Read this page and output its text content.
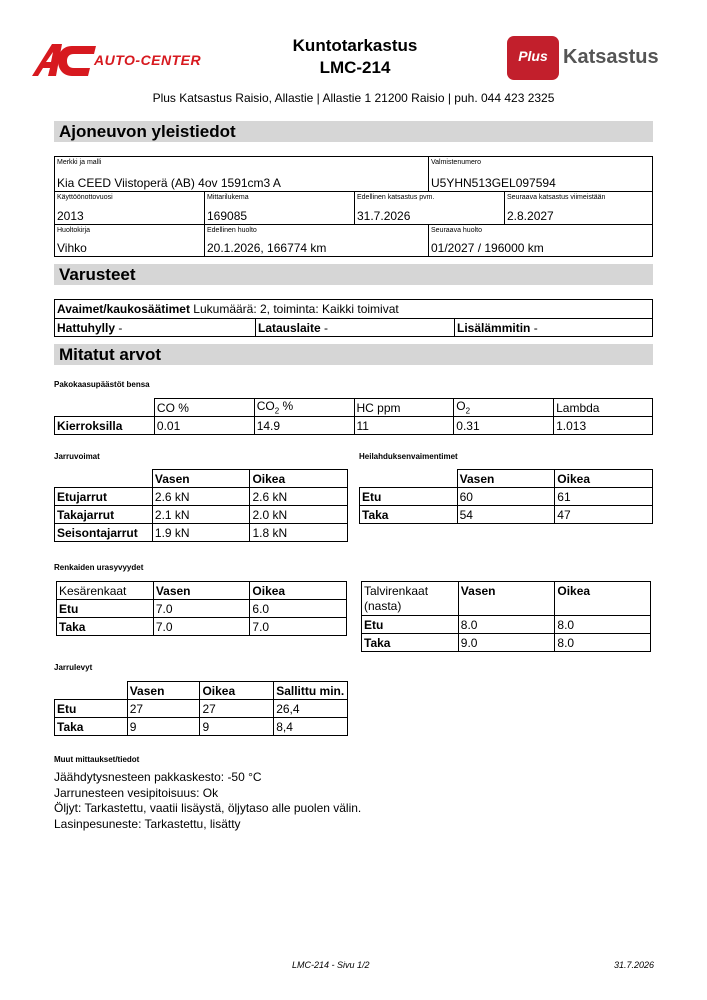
AUTO-CENTER
Kuntotarkastus
LMC-214
Plus Katsastus
Plus Katsastus Raisio, Allastie | Allastie 1 21200 Raisio | puh. 044 423 2325
Ajoneuvon yleistiedot
Merkki ja malli
Kia CEED Viistoperä (AB) 4ov 1591cm3 A
Valmistenumero
U5YHN513GEL097594
Käyttöönottovuosi
2013
Mittarilukema
169085
Edellinen katsastus pvm.
31.7.2026
Seuraava katsastus viimeistään
2.8.2027
Huoltokirja
Vihko
Edellinen huolto
20.1.2026, 166774 km
Seuraava huolto
01/2027 / 196000 km
Varusteet
Avaimet/kaukosäätimet Lukumäärä: 2, toiminta: Kaikki toimivat
Hattuhylly -	Latauslaite -	Lisälämmitin -
Mitatut arvot
Pakokaasupäästöt bensa
	CO %	$CO_2$ %	HC ppm	$O_2$	Lambda
Kierroksilla	0.01	14.9	11	0.31	1.013
Jarruvoimat
	Vasen	Oikea
Etujarrut	2.6 kN	2.6 kN
Takajarrut	2.1 kN	2.0 kN
Seisontajarrut	1.9 kN	1.8 kN
Heilahduksenvaimentimet
	Vasen	Oikea
Etu	60	61
Taka	54	47
Renkaiden urasyvyydet
Kesärenkaat	Vasen	Oikea
Etu	7.0	6.0
Taka	7.0	7.0
Talvirenkaat (nasta)	Vasen	Oikea
Etu	8.0	8.0
Taka	9.0	8.0
Jarrulevyt
	Vasen	Oikea	Sallittu min.
Etu	27	27	26,4
Taka	9	9	8,4
Muut mittaukset/tiedot
Jäähdytysnesteen pakkaskesto: -50 °C
Jarrunesteen vesipitoisuus: Ok
Öljyt: Tarkastettu, vaatii lisäystä, öljytaso alle puolen välin.
Lasinpesuneste: Tarkastettu, lisätty
LMC-214 - Sivu 1/2	31.7.2026
